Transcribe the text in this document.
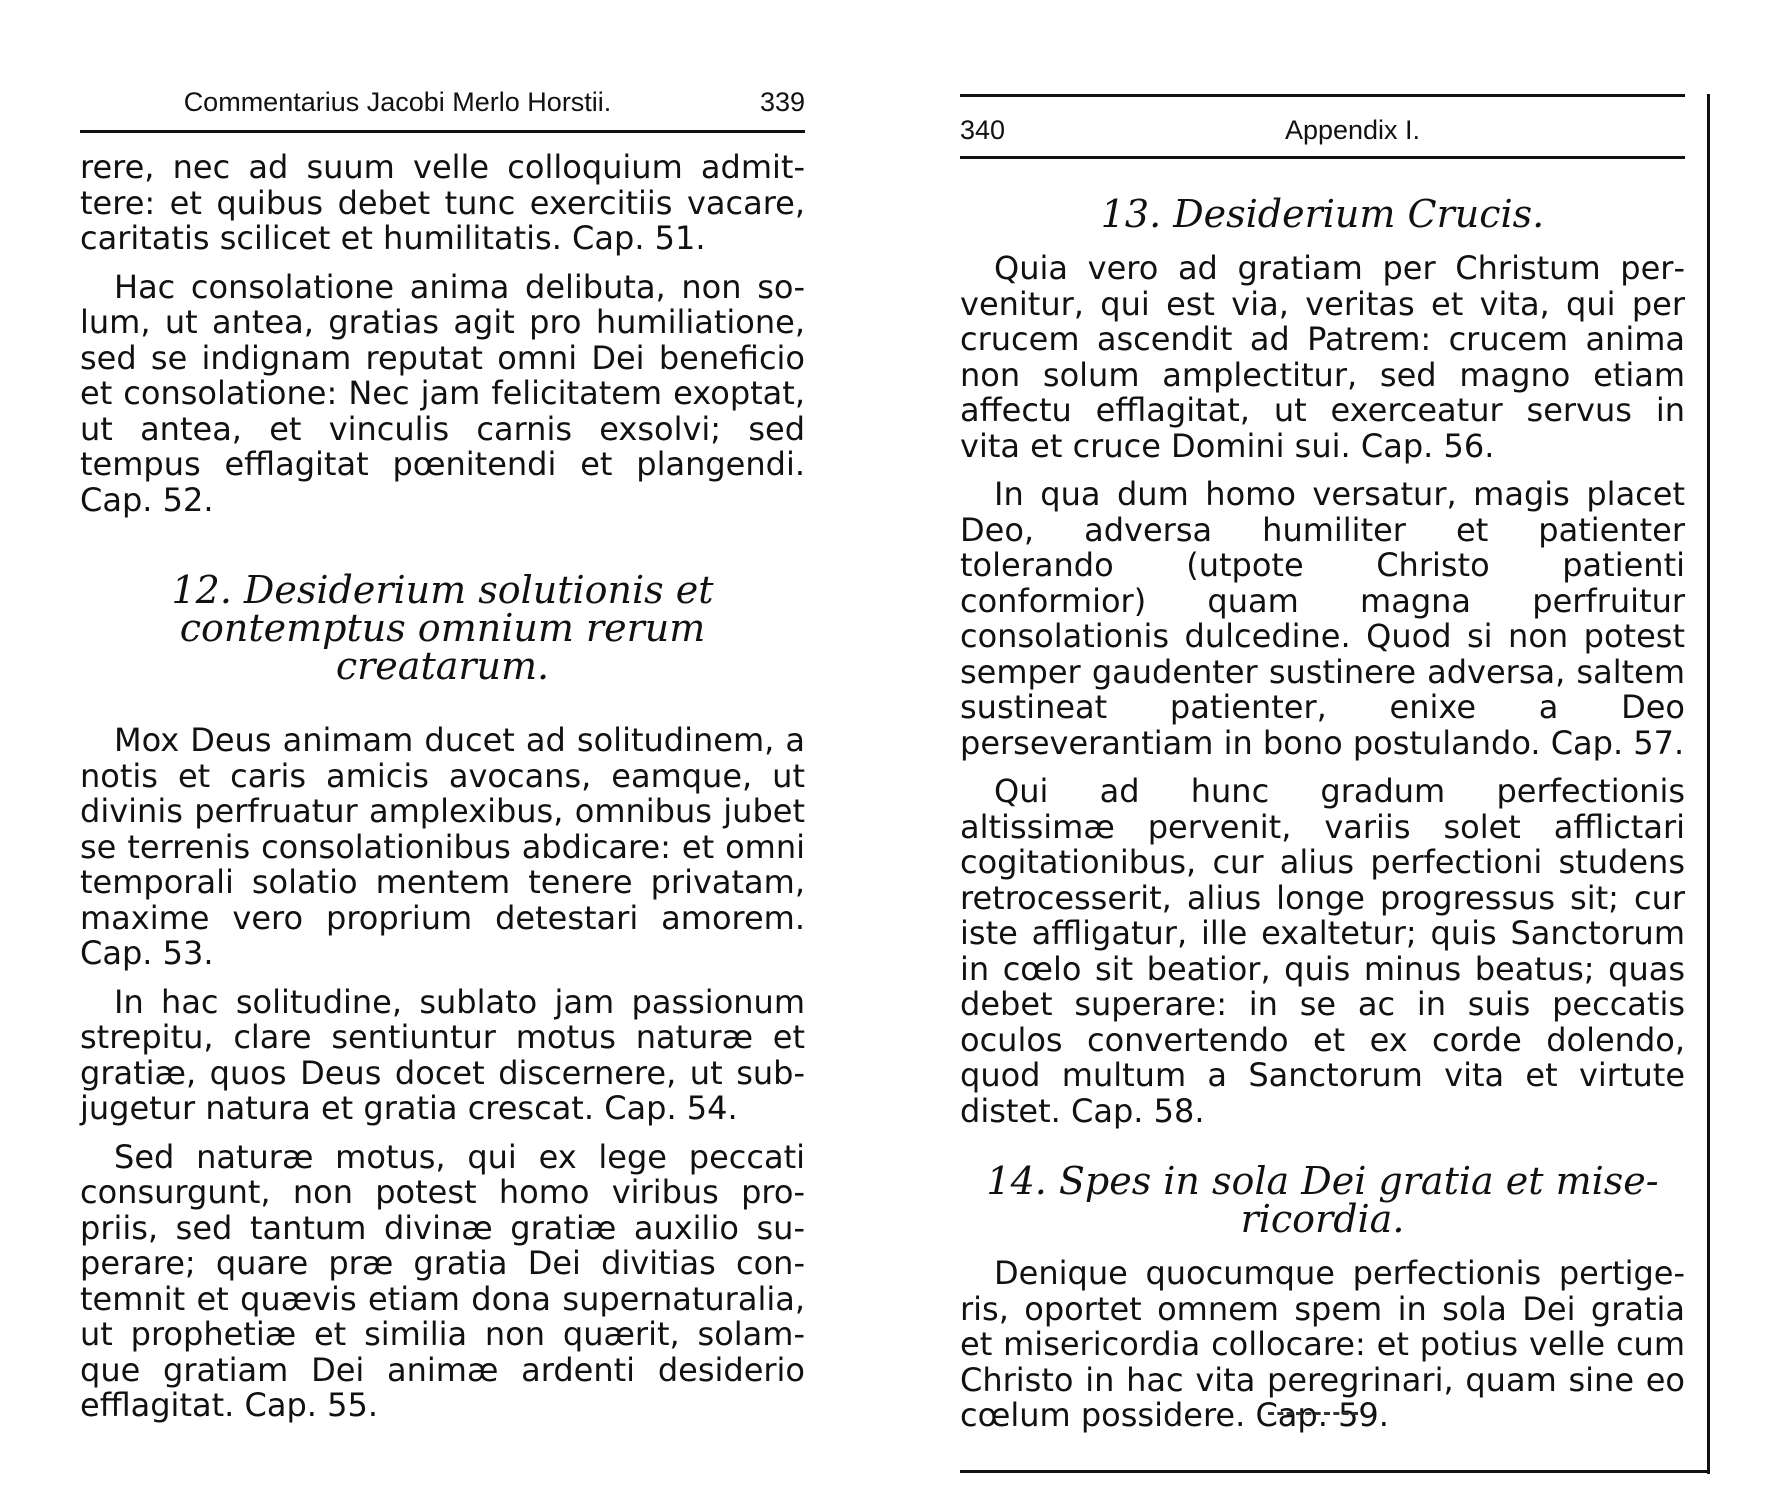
Commentarius Jacobi Merlo Horstii.	339

rere, nec ad suum velle colloquium admittere: et quibus debet tunc exercitiis vacare, caritatis scilicet et humilitatis. Cap. 51.

Hac consolatione anima delibuta, non solum, ut antea, gratias agit pro humiliatione, sed se indignam reputat omni Dei beneficio et consolatione: Nec jam felicitatem exoptat, ut antea, et vinculis carnis exsolvi; sed tempus efflagitat pœnitendi et plangendi. Cap. 52.

12. Desiderium solutionis et contemptus omnium rerum creatarum.

Mox Deus animam ducet ad solitudinem, a notis et caris amicis avocans, eamque, ut divinis perfruatur amplexibus, omnibus jubet se terrenis consolationibus abdicare: et omni temporali solatio mentem tenere privatam, maxime vero proprium detestari amorem. Cap. 53.

In hac solitudine, sublato jam passionum strepitu, clare sentiuntur motus naturæ et gratiæ, quos Deus docet discernere, ut subjugetur natura et gratia crescat. Cap. 54.

Sed naturæ motus, qui ex lege peccati consurgunt, non potest homo viribus propriis, sed tantum divinæ gratiæ auxilio superare; quare præ gratia Dei divitias contemnit et quævis etiam dona supernaturalia, ut prophetiæ et similia non quærit, solamque gratiam Dei animæ ardenti desiderio efflagitat. Cap. 55.

340	Appendix I.
13. Desiderium Crucis.

Quia vero ad gratiam per Christum pervenitur, qui est via, veritas et vita, qui per crucem ascendit ad Patrem: crucem anima non solum amplectitur, sed magno etiam affectu efflagitat, ut exerceatur servus in vita et cruce Domini sui. Cap. 56.

In qua dum homo versatur, magis placet Deo, adversa humiliter et patienter tolerando (utpote Christo patienti conformior) quam magna perfruitur consolationis dulcedine. Quod si non potest semper gaudenter sustinere adversa, saltem sustineat patienter, enixe a Deo perseverantiam in bono postulando. Cap. 57.

Qui ad hunc gradum perfectionis altissimæ pervenit, variis solet afflictari cogitationibus, cur alius perfectioni studens retrocesserit, alius longe progressus sit; cur iste affligatur, ille exaltetur; quis Sanctorum in cœlo sit beatior, quis minus beatus; quas debet superare: in se ac in suis peccatis oculos convertendo et ex corde dolendo, quod multum a Sanctorum vita et virtute distet. Cap. 58.

14. Spes in sola Dei gratia et misericordia.

Denique quocumque perfectionis pertigeris, oportet omnem spem in sola Dei gratia et misericordia collocare: et potius velle cum Christo in hac vita peregrinari, quam sine eo cœlum possidere. Cap. 59.
